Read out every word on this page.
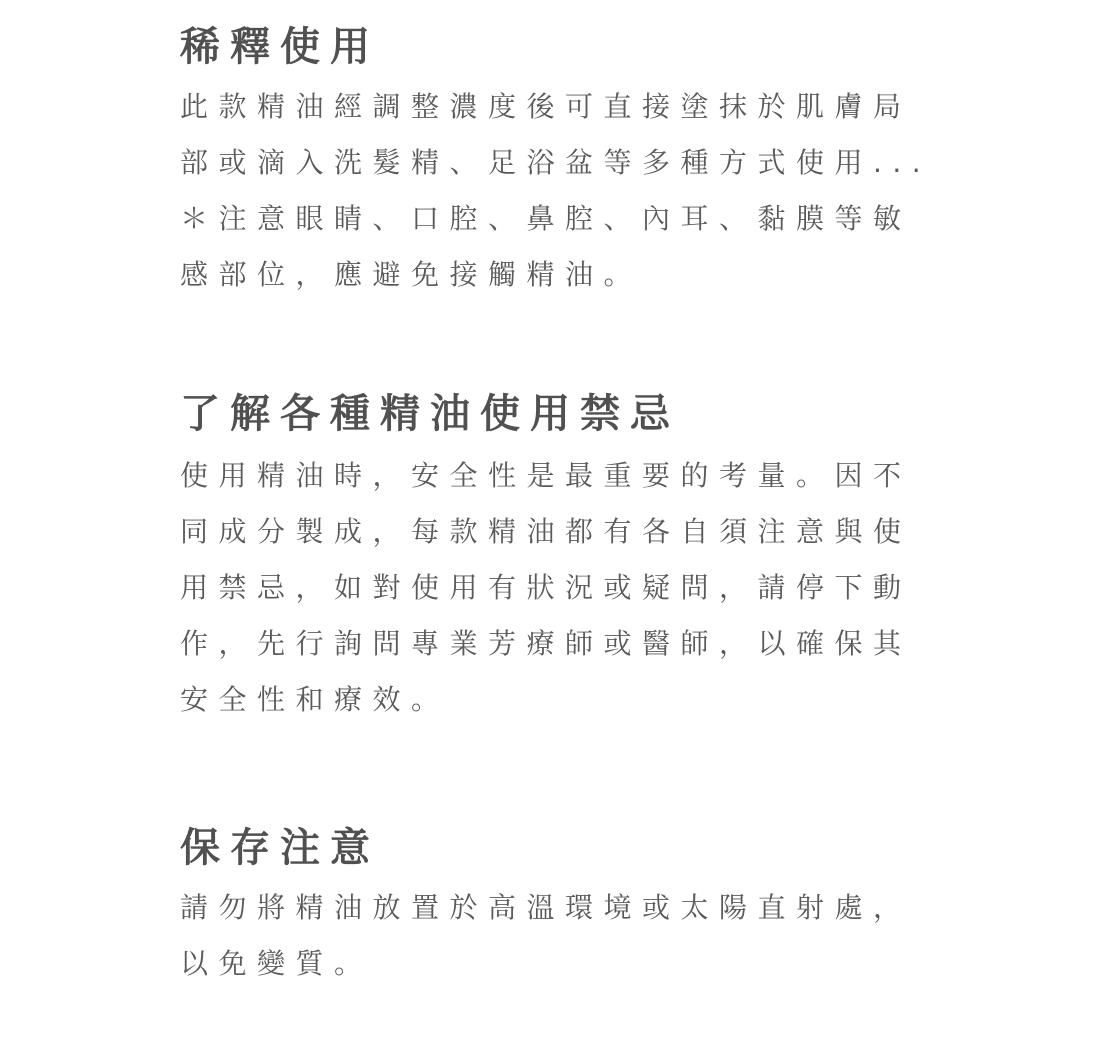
稀釋使用

此款精油經調整濃度後可直接塗抹於肌膚局
部或滴入洗髮精、足浴盆等多種方式使用...
＊注意眼睛、口腔、鼻腔、內耳、黏膜等敏
感部位，應避免接觸精油。

了解各種精油使用禁忌

使用精油時，安全性是最重要的考量。因不
同成分製成，每款精油都有各自須注意與使
用禁忌，如對使用有狀況或疑問，請停下動
作，先行詢問專業芳療師或醫師，以確保其
安全性和療效。

保存注意

請勿將精油放置於高溫環境或太陽直射處，
以免變質。
